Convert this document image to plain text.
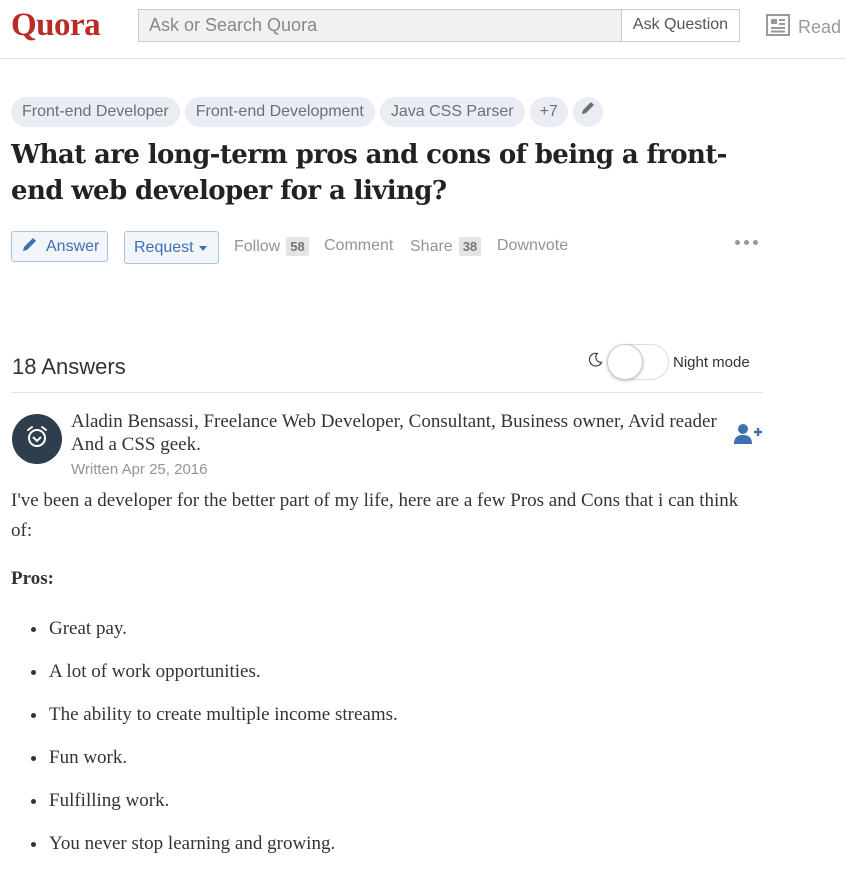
Quora
Ask or Search Quora	Ask Question	Read
Front-end Developer	Front-end Development	Java CSS Parser	+7
What are long-term pros and cons of being a front-end web developer for a living?
Answer Request	Follow 58 Comment Share 38 Downvote
18 Answers	Night mode
Aladin Bensassi, Freelance Web Developer, Consultant, Business owner, Avid reader And a CSS geek.
Written Apr 25, 2016

I've been a developer for the better part of my life, here are a few Pros and Cons that i can think of:

Pros:

Great pay.
A lot of work opportunities.
The ability to create multiple income streams.
Fun work.
Fulfilling work.
You never stop learning and growing.
